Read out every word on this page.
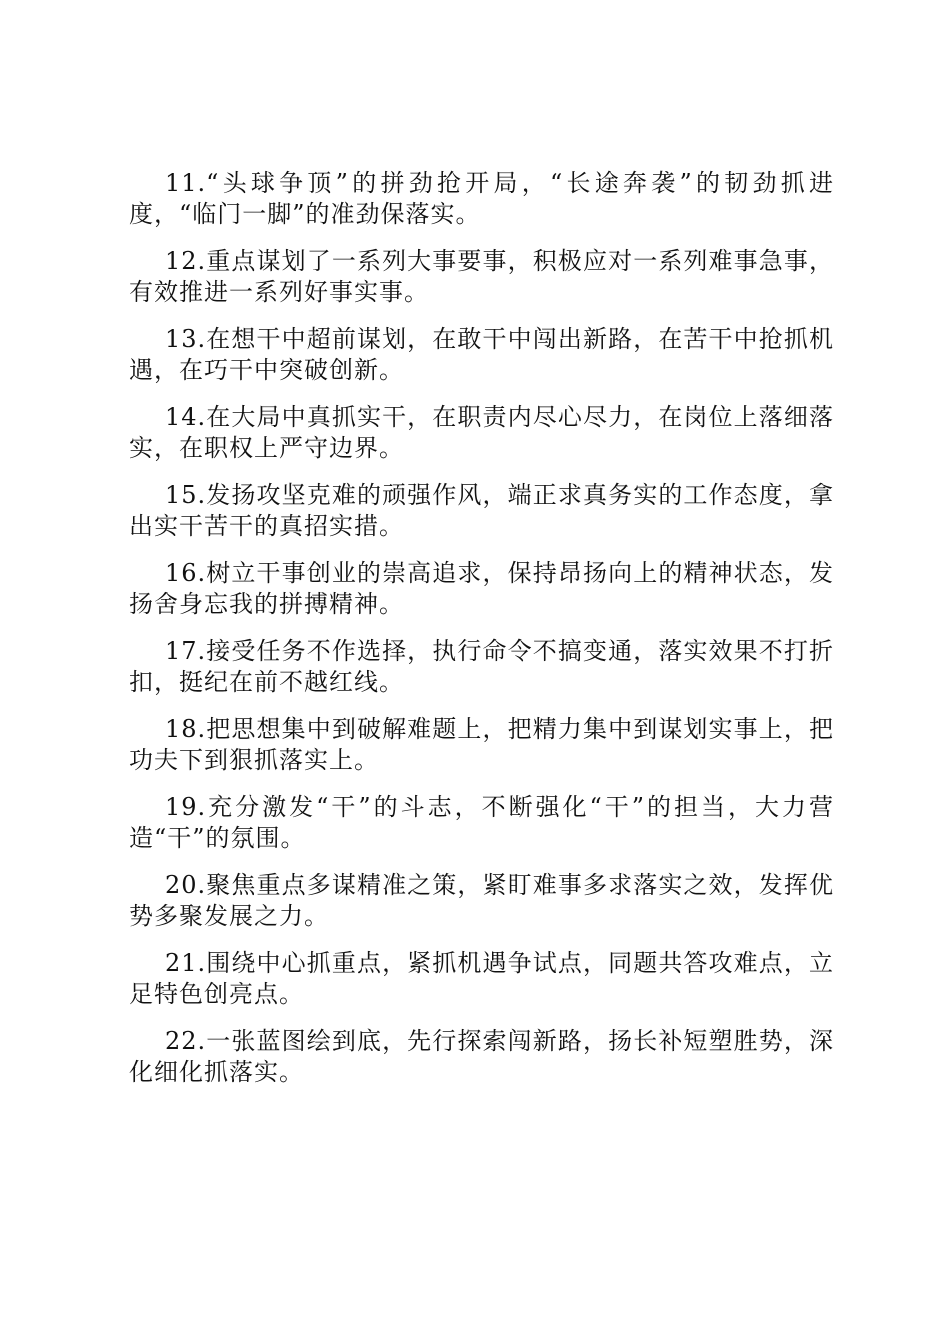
11.“头球争顶”的拼劲抢开局，“长途奔袭”的韧劲抓进度，“临门一脚”的准劲保落实。

12.重点谋划了一系列大事要事，积极应对一系列难事急事，有效推进一系列好事实事。

13.在想干中超前谋划，在敢干中闯出新路，在苦干中抢抓机遇，在巧干中突破创新。

14.在大局中真抓实干，在职责内尽心尽力，在岗位上落细落实，在职权上严守边界。

15.发扬攻坚克难的顽强作风，端正求真务实的工作态度，拿出实干苦干的真招实措。

16.树立干事创业的崇高追求，保持昂扬向上的精神状态，发扬舍身忘我的拼搏精神。

17.接受任务不作选择，执行命令不搞变通，落实效果不打折扣，挺纪在前不越红线。

18.把思想集中到破解难题上，把精力集中到谋划实事上，把功夫下到狠抓落实上。

19.充分激发“干”的斗志，不断强化“干”的担当，大力营造“干”的氛围。

20.聚焦重点多谋精准之策，紧盯难事多求落实之效，发挥优势多聚发展之力。

21.围绕中心抓重点，紧抓机遇争试点，同题共答攻难点，立足特色创亮点。

22.一张蓝图绘到底，先行探索闯新路，扬长补短塑胜势，深化细化抓落实。
